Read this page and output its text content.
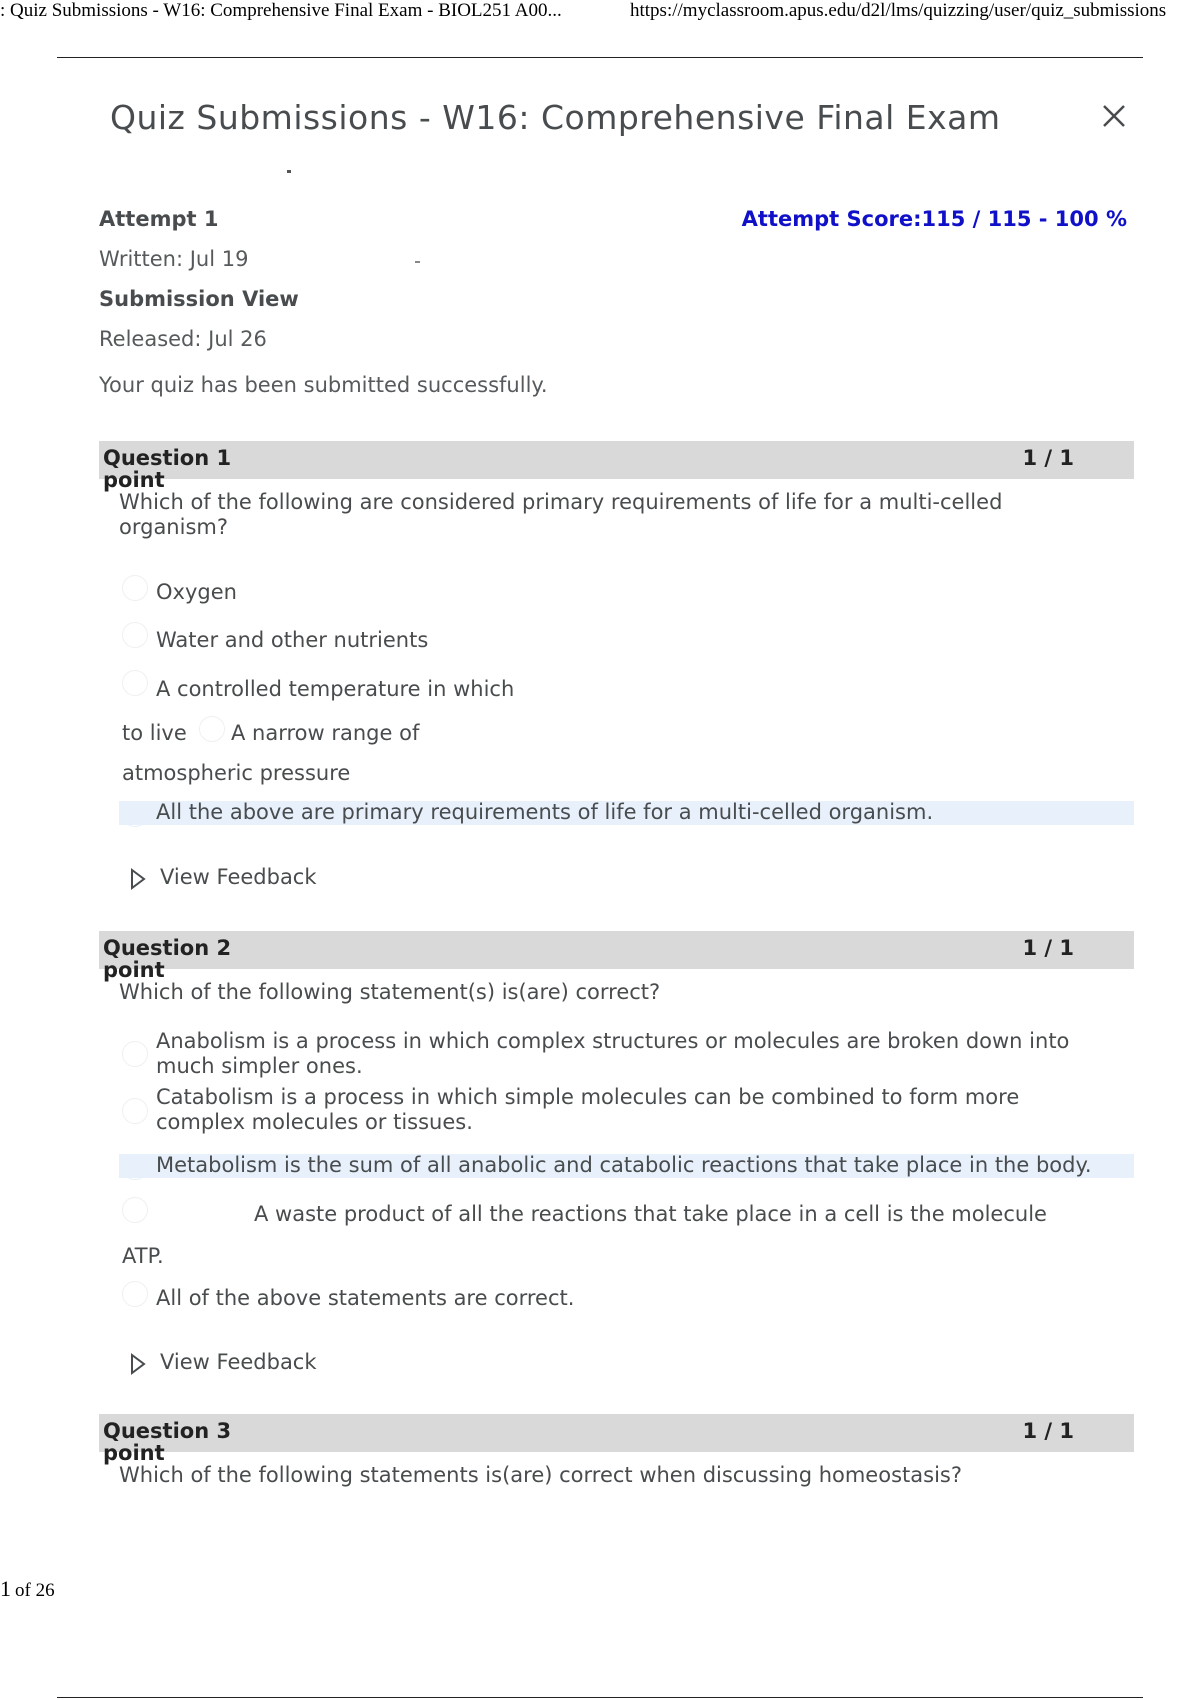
: Quiz Submissions - W16: Comprehensive Final Exam - BIOL251 A00...	https://myclassroom.apus.edu/d2l/lms/quizzing/user/quiz_submissions
Quiz Submissions - W16: Comprehensive Final Exam
Attempt 1	Attempt Score:115 / 115 - 100 %
Written: Jul 19
Submission View
Released: Jul 26
Your quiz has been submitted successfully.
Question 1
point
1 / 1
Which of the following are considered primary requirements of life for a multi-celled organism?
Oxygen
Water and other nutrients
A controlled temperature in which
to live A narrow range of
atmospheric pressure
All the above are primary requirements of life for a multi-celled organism.
View Feedback
Question 2
point
1 / 1
Which of the following statement(s) is(are) correct?
Anabolism is a process in which complex structures or molecules are broken down into much simpler ones.
Catabolism is a process in which simple molecules can be combined to form more complex molecules or tissues.
Metabolism is the sum of all anabolic and catabolic reactions that take place in the body.
A waste product of all the reactions that take place in a cell is the molecule
ATP.
All of the above statements are correct.
View Feedback
Question 3
point
1 / 1
Which of the following statements is(are) correct when discussing homeostasis?
1 of 26
